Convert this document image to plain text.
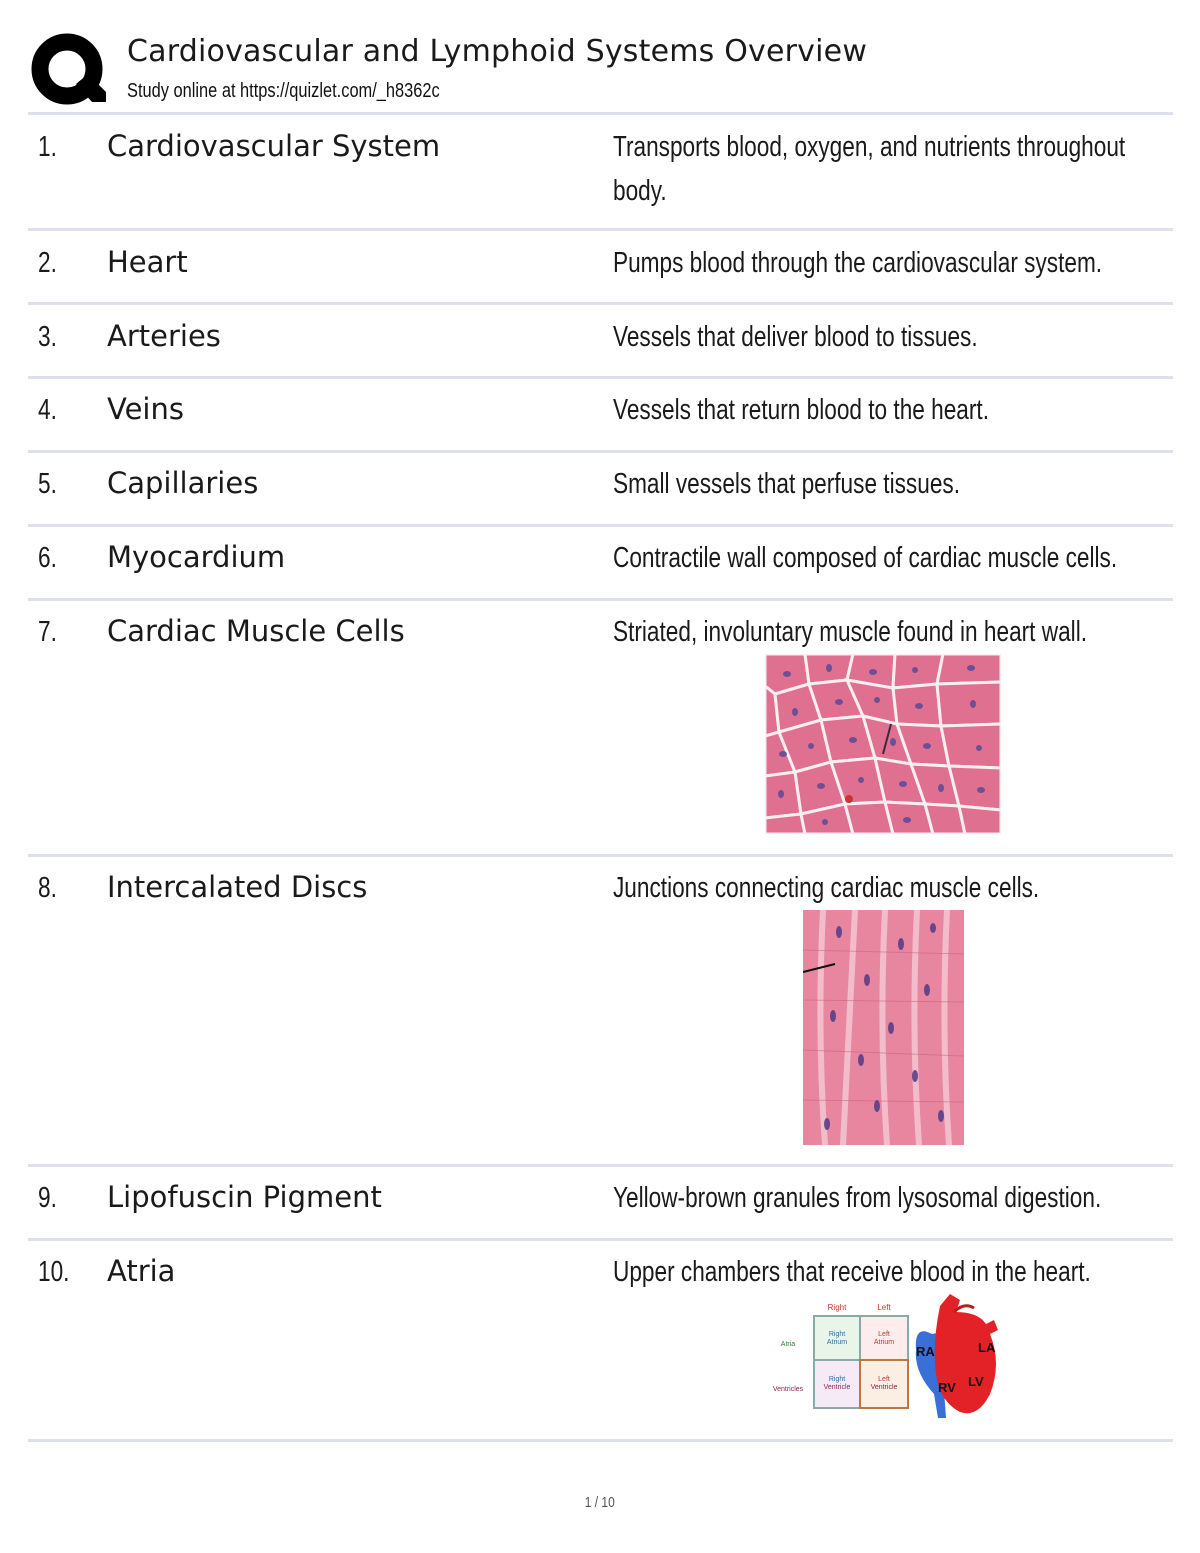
Cardiovascular and Lymphoid Systems Overview
Study online at https://quizlet.com/_h8362c
1. Cardiovascular System	Transports blood, oxygen, and nutrients throughout body.
2. Heart	Pumps blood through the cardiovascular system.
3. Arteries	Vessels that deliver blood to tissues.
4. Veins	Vessels that return blood to the heart.
5. Capillaries	Small vessels that perfuse tissues.
6. Myocardium	Contractile wall composed of cardiac muscle cells.
7. Cardiac Muscle Cells	Striated, involuntary muscle found in heart wall.
8. Intercalated Discs	Junctions connecting cardiac muscle cells.
9. Lipofuscin Pigment	Yellow-brown granules from lysosomal digestion.
10. Atria	Upper chambers that receive blood in the heart.
Right	Left
Atria
Ventricles
Right
Atrium
Left
Atrium
Right
Ventricle
Left
Ventricle
RA	LA
RV LV
1 / 10
